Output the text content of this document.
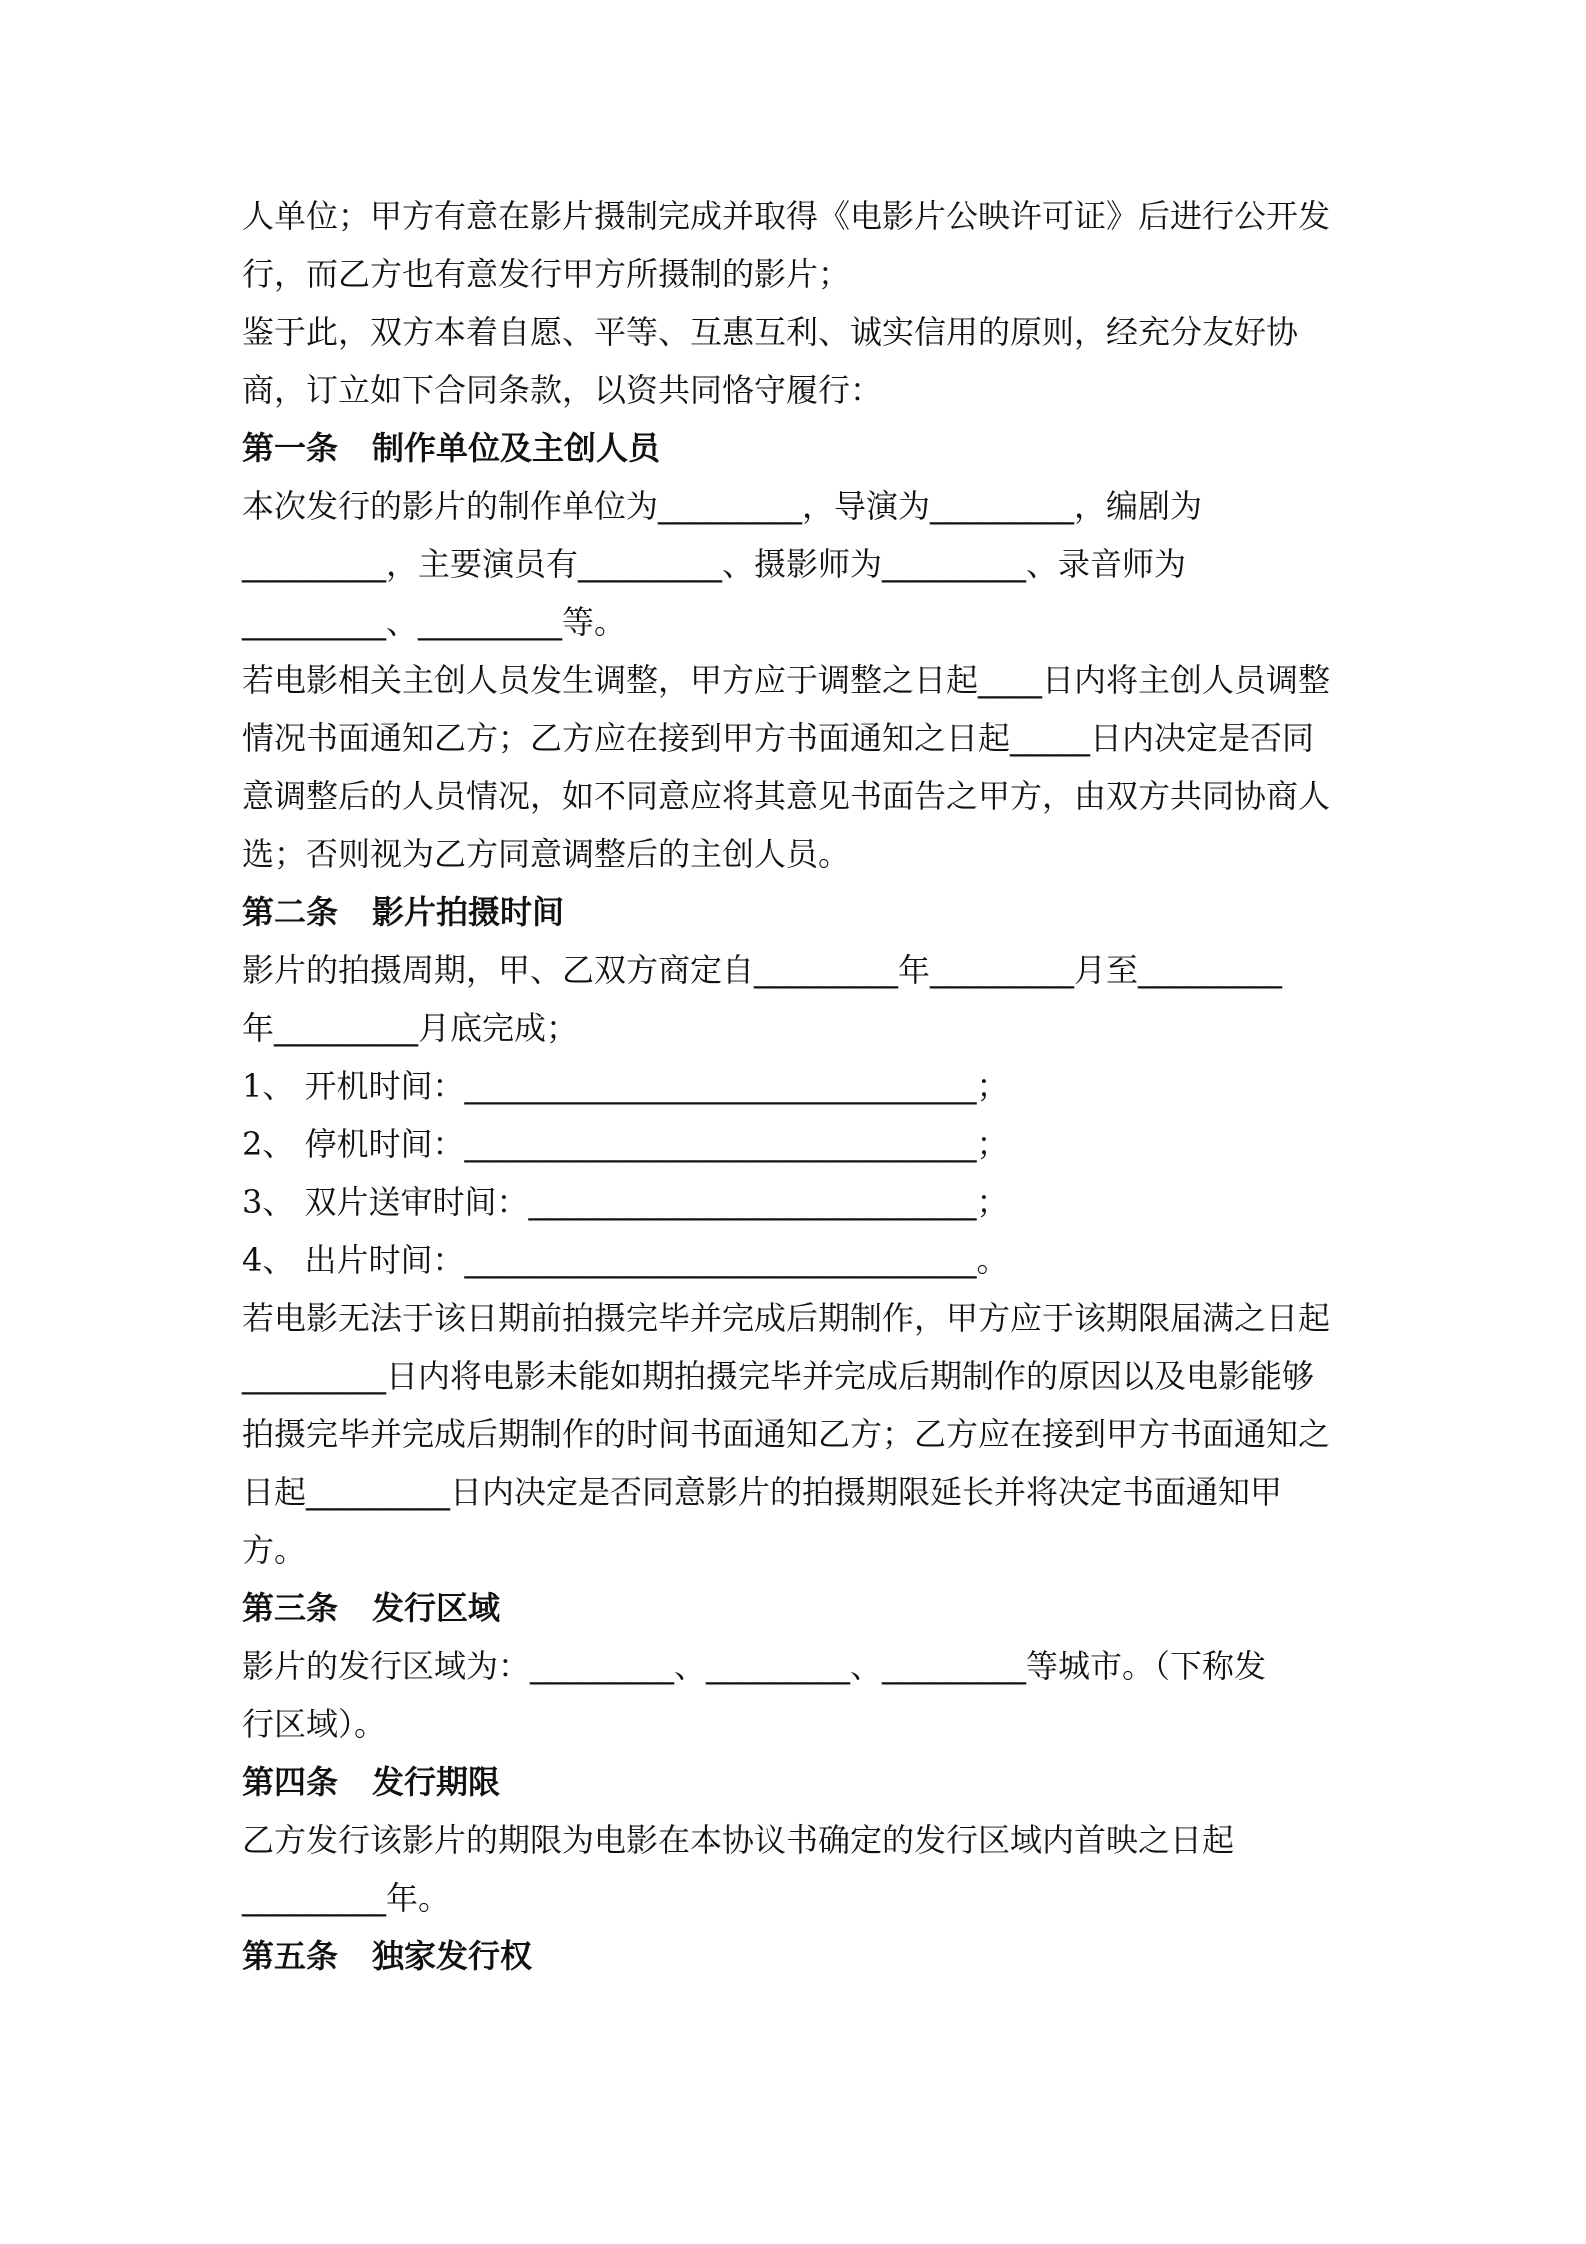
人单位；甲方有意在影片摄制完成并取得《电影片公映许可证》后进行公开发
行，而乙方也有意发行甲方所摄制的影片；
鉴于此，双方本着自愿、平等、互惠互利、诚实信用的原则，经充分友好协
商，订立如下合同条款，以资共同恪守履行：
第一条 制作单位及主创人员
本次发行的影片的制作单位为_________，导演为_________，编剧为
_________，主要演员有_________、摄影师为_________、录音师为
_________、_________等。
若电影相关主创人员发生调整，甲方应于调整之日起____日内将主创人员调整
情况书面通知乙方；乙方应在接到甲方书面通知之日起_____日内决定是否同
意调整后的人员情况，如不同意应将其意见书面告之甲方，由双方共同协商人
选；否则视为乙方同意调整后的主创人员。
第二条 影片拍摄时间
影片的拍摄周期，甲、乙双方商定自_________年_________月至_________
年_________月底完成；
1、 开机时间：________________________________；
2、 停机时间：________________________________；
3、 双片送审时间：____________________________；
4、 出片时间：________________________________。
若电影无法于该日期前拍摄完毕并完成后期制作，甲方应于该期限届满之日起
_________日内将电影未能如期拍摄完毕并完成后期制作的原因以及电影能够
拍摄完毕并完成后期制作的时间书面通知乙方；乙方应在接到甲方书面通知之
日起_________日内决定是否同意影片的拍摄期限延长并将决定书面通知甲
方。
第三条 发行区域
影片的发行区域为：_________、_________、_________等城市。（下称发
行区域）。
第四条 发行期限
乙方发行该影片的期限为电影在本协议书确定的发行区域内首映之日起
_________年。
第五条 独家发行权
